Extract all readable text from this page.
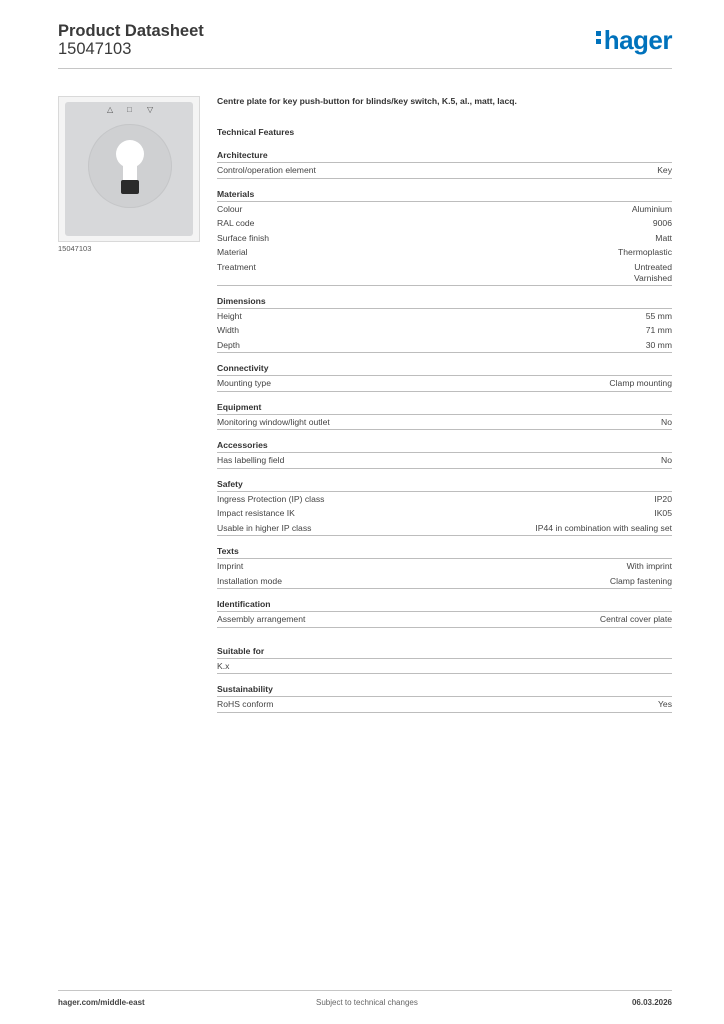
Product Datasheet
15047103	hager
△ □ ▽
15047103
Centre plate for key push-button for blinds/key switch, K.5, al., matt, lacq.
Technical Features
Architecture
Control/operation element	Key
Materials
Colour	Aluminium
RAL code	9006
Surface finish	Matt
Material	Thermoplastic
Treatment	Untreated
Varnished
Dimensions
Height	55 mm
Width	71 mm
Depth	30 mm
Connectivity
Mounting type	Clamp mounting
Equipment
Monitoring window/light outlet	No
Accessories
Has labelling field	No
Safety
Ingress Protection (IP) class	IP20
Impact resistance IK	IK05
Usable in higher IP class	IP44 in combination with sealing set
Texts
Imprint	With imprint
Installation mode	Clamp fastening
Identification
Assembly arrangement	Central cover plate
Suitable for
K.x
Sustainability
RoHS conform	Yes
hager.com/middle-east	Subject to technical changes	06.03.2026
